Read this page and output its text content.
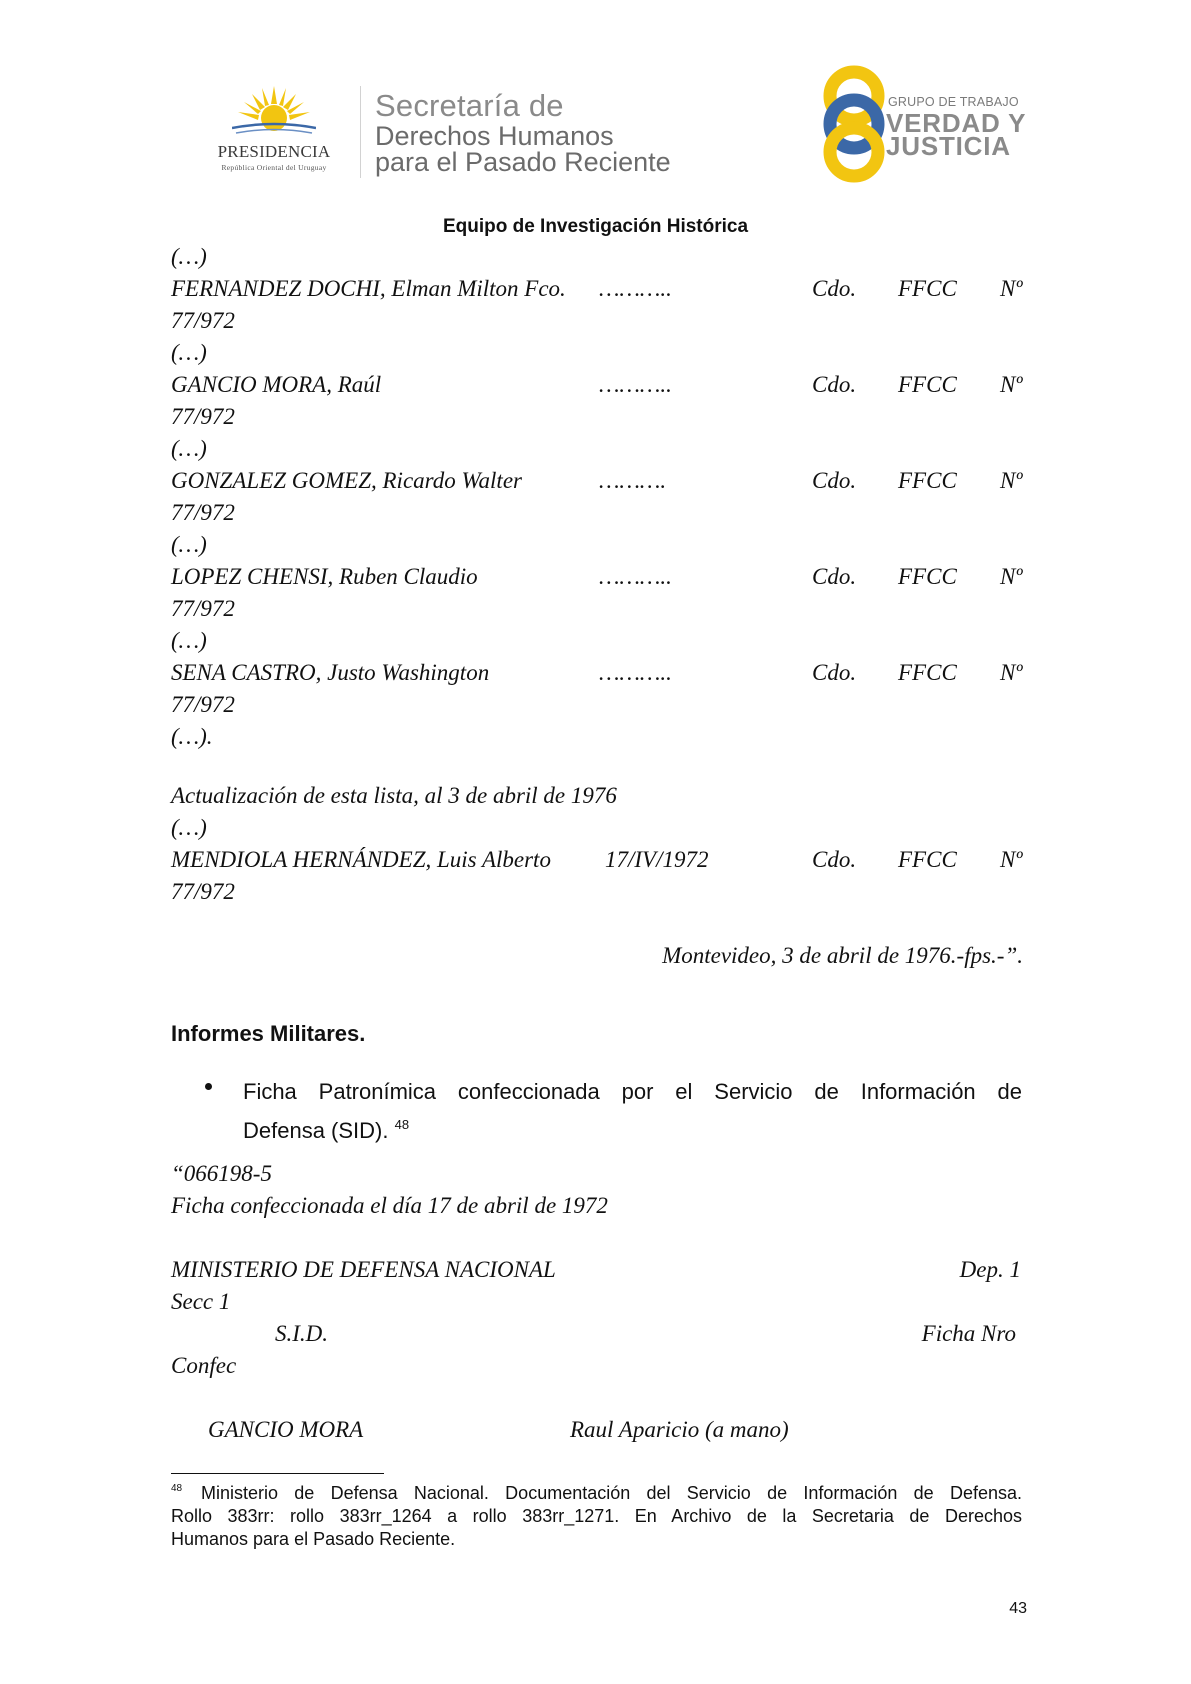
PRESIDENCIA
República Oriental del Uruguay
Secretaría de
Derechos Humanos
para el Pasado Reciente
GRUPO DE TRABAJO
VERDAD Y
JUSTICIA
Equipo de Investigación Histórica
(…)
FERNANDEZ DOCHI, Elman Milton Fco. ………..	Cdo. FFCC Nº
77/972
(…)
GANCIO MORA, Raúl	………..	Cdo. FFCC Nº
77/972
(…)
GONZALEZ GOMEZ, Ricardo Walter	……….	Cdo. FFCC Nº
77/972
(…)
LOPEZ CHENSI, Ruben Claudio	………..	Cdo. FFCC Nº
77/972
(…)
SENA CASTRO, Justo Washington	………..	Cdo. FFCC Nº
77/972
(…).
Actualización de esta lista, al 3 de abril de 1976
(…)
MENDIOLA HERNÁNDEZ, Luis Alberto 17/IV/1972	Cdo. FFCC Nº
77/972
Montevideo, 3 de abril de 1976.-fps.-”.
Informes Militares.
Ficha Patronímica confeccionada por el Servicio de Información de
Defensa (SID). $^{48}$
“066198-5
Ficha confeccionada el día 17 de abril de 1972
MINISTERIO DE DEFENSA NACIONAL	Dep. 1
Secc 1
S.I.D.	Ficha Nro
Confec
GANCIO MORA	Raul Aparicio (a mano)
48 Ministerio de Defensa Nacional. Documentación del Servicio de Información de Defensa.
Rollo 383rr: rollo 383rr_1264 a rollo 383rr_1271. En Archivo de la Secretaria de Derechos
Humanos para el Pasado Reciente.
43
